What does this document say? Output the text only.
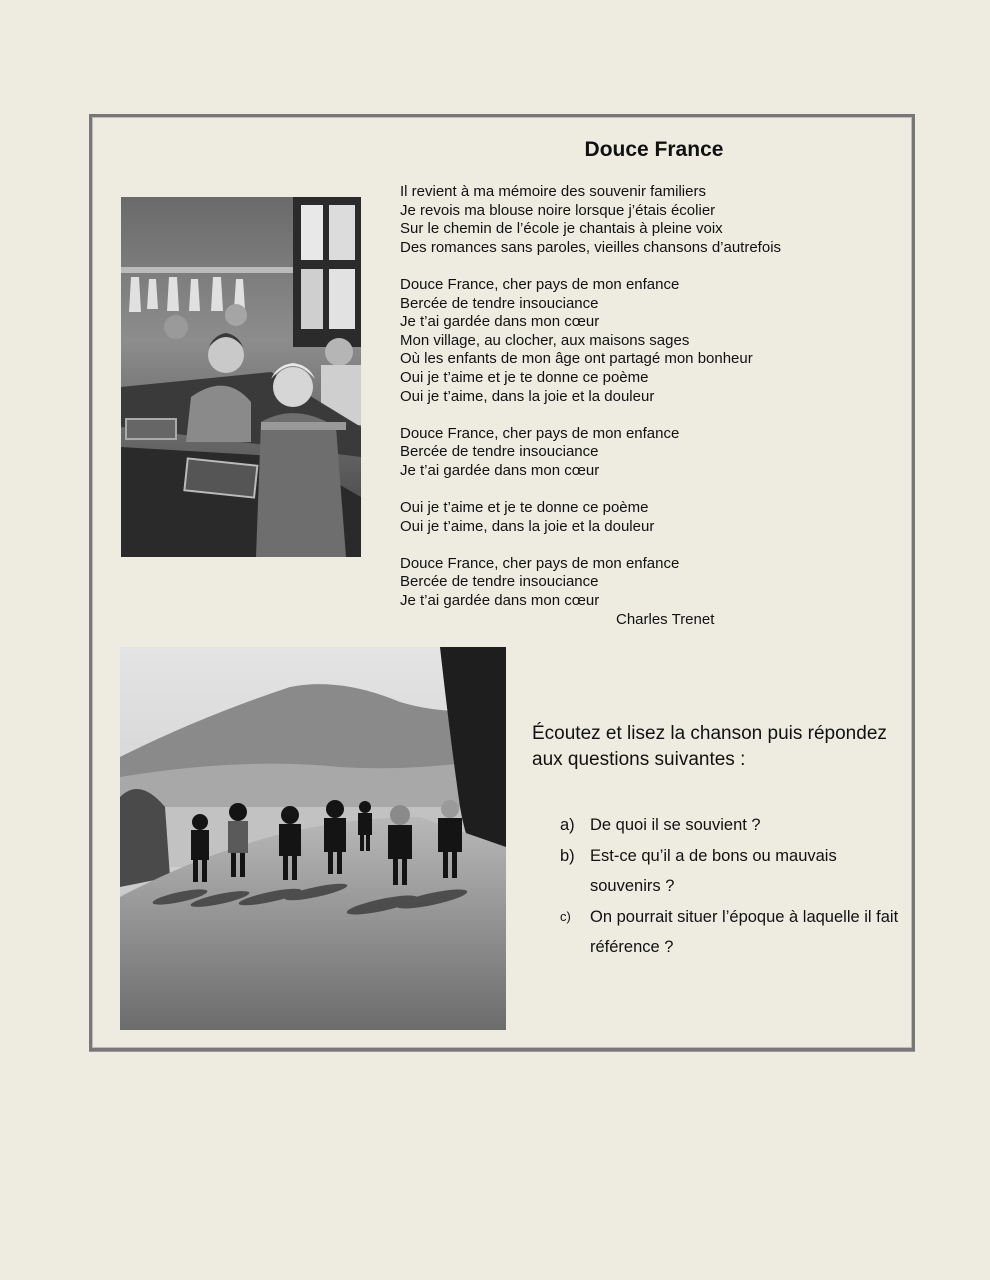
Douce France
Il revient à ma mémoire des souvenir familiers
Je revois ma blouse noire lorsque j’étais écolier
Sur le chemin de l’école je chantais à pleine voix
Des romances sans paroles, vieilles chansons d’autrefois
Douce France, cher pays de mon enfance
Bercée de tendre insouciance
Je t’ai gardée dans mon cœur
Mon village, au clocher, aux maisons sages
Où les enfants de mon âge ont partagé mon bonheur
Oui je t’aime et je te donne ce poème
Oui je t’aime, dans la joie et la douleur
Douce France, cher pays de mon enfance
Bercée de tendre insouciance
Je t’ai gardée dans mon cœur
Oui je t’aime et je te donne ce poème
Oui je t’aime, dans la joie et la douleur
Douce France, cher pays de mon enfance
Bercée de tendre insouciance
Je t’ai gardée dans mon cœur
Charles Trenet

Écoutez et lisez la chanson puis répondez aux questions suivantes :

a) De quoi il se souvient ?
b) Est-ce qu’il a de bons ou mauvais souvenirs ?
c) On pourrait situer l’époque à laquelle il fait référence ?
